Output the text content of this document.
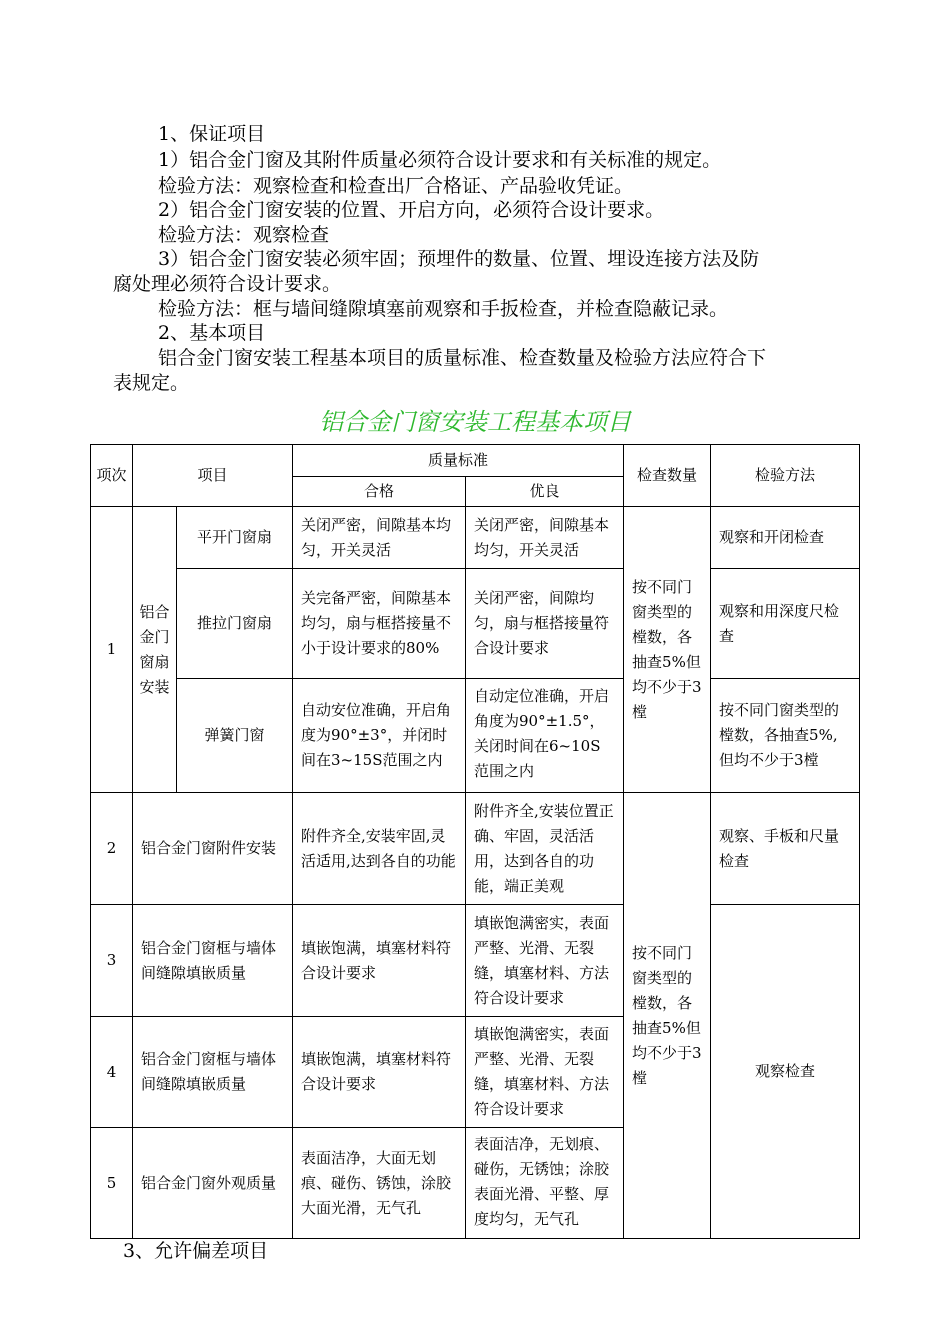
1、保证项目
1）铝合金门窗及其附件质量必须符合设计要求和有关标准的规定。
检验方法：观察检查和检查出厂合格证、产品验收凭证。
2）铝合金门窗安装的位置、开启方向，必须符合设计要求。
检验方法：观察检查
3）铝合金门窗安装必须牢固；预埋件的数量、位置、埋设连接方法及防
腐处理必须符合设计要求。
检验方法：框与墙间缝隙填塞前观察和手扳检查，并检查隐蔽记录。
2、基本项目
铝合金门窗安装工程基本项目的质量标准、检查数量及检验方法应符合下
表规定。
铝合金门窗安装工程基本项目
项次	项目		质量标准		检查数量	检验方法
			合格	优良		
1	铝合金门窗扇安装	平开门窗扇	关闭严密，间隙基本均匀，开关灵活	关闭严密，间隙基本均匀，开关灵活	按不同门窗类型的樘数，各抽查5%但均不少于3樘	观察和开闭检查
		推拉门窗扇	关完备严密，间隙基本均匀，扇与框搭接量不小于设计要求的80%	关闭严密，间隙均匀，扇与框搭接量符合设计要求		观察和用深度尺检查
		弹簧门窗	自动安位准确，开启角度为90°±3°，并闭时间在3~15S范围之内	自动定位准确，开启角度为90°±1.5°，关闭时间在6~10S范围之内		按不同门窗类型的樘数，各抽查5%,但均不少于3樘
2	铝合金门窗附件安装		附件齐全,安装牢固,灵活适用,达到各自的功能	附件齐全,安装位置正确、牢固，灵活活用，达到各自的功能，端正美观	按不同门窗类型的樘数，各抽查5%但均不少于3樘	观察、手板和尺量检查
3	铝合金门窗框与墙体间缝隙填嵌质量		填嵌饱满，填塞材料符合设计要求	填嵌饱满密实，表面严整、光滑、无裂缝，填塞材料、方法符合设计要求		观察检查
4	铝合金门窗框与墙体间缝隙填嵌质量		填嵌饱满，填塞材料符合设计要求	填嵌饱满密实，表面严整、光滑、无裂缝，填塞材料、方法符合设计要求		
5	铝合金门窗外观质量		表面洁净，大面无划痕、碰伤、锈蚀，涂胶大面光滑，无气孔	表面洁净，无划痕、碰伤，无锈蚀；涂胶表面光滑、平整、厚度均匀，无气孔		
3、允许偏差项目
